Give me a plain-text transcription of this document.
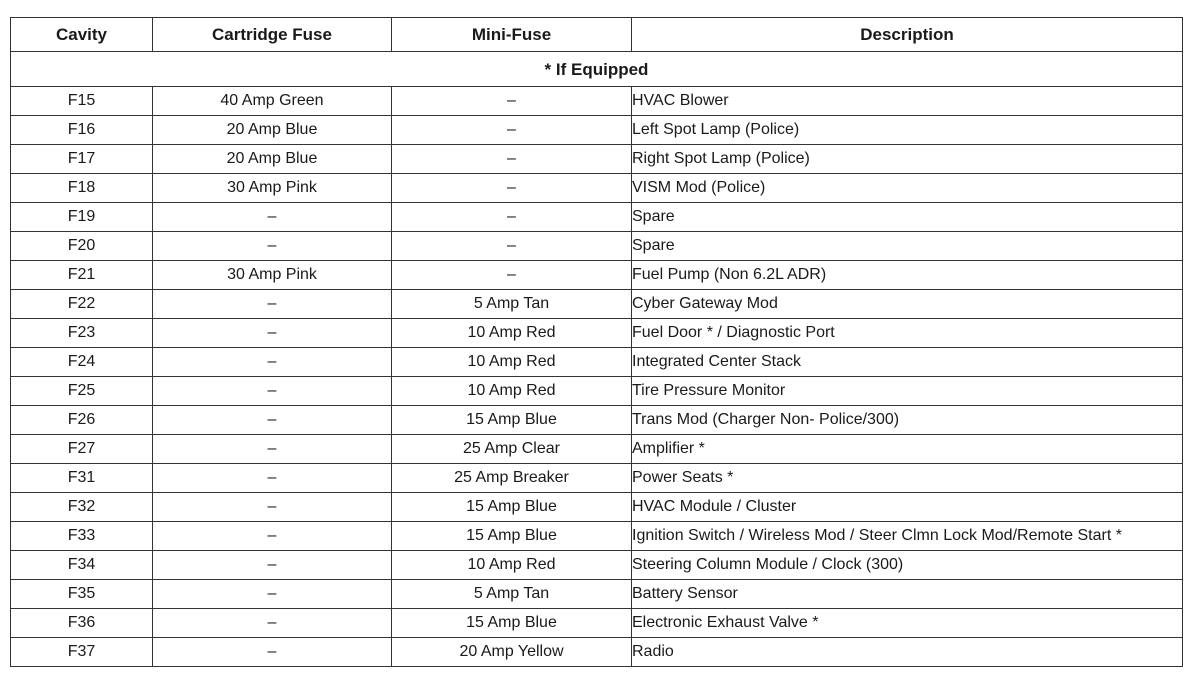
Cavity	Cartridge Fuse	Mini-Fuse	Description
* If Equipped			
F15	40 Amp Green	–	HVAC Blower
F16	20 Amp Blue	–	Left Spot Lamp (Police)
F17	20 Amp Blue	–	Right Spot Lamp (Police)
F18	30 Amp Pink	–	VISM Mod (Police)
F19	–	–	Spare
F20	–	–	Spare
F21	30 Amp Pink	–	Fuel Pump (Non 6.2L ADR)
F22	–	5 Amp Tan	Cyber Gateway Mod
F23	–	10 Amp Red	Fuel Door * / Diagnostic Port
F24	–	10 Amp Red	Integrated Center Stack
F25	–	10 Amp Red	Tire Pressure Monitor
F26	–	15 Amp Blue	Trans Mod (Charger Non- Police/300)
F27	–	25 Amp Clear	Amplifier *
F31	–	25 Amp Breaker	Power Seats *
F32	–	15 Amp Blue	HVAC Module / Cluster
F33	–	15 Amp Blue	Ignition Switch / Wireless Mod / Steer Clmn Lock Mod/Remote Start *
F34	–	10 Amp Red	Steering Column Module / Clock (300)
F35	–	5 Amp Tan	Battery Sensor
F36	–	15 Amp Blue	Electronic Exhaust Valve *
F37	–	20 Amp Yellow	Radio
